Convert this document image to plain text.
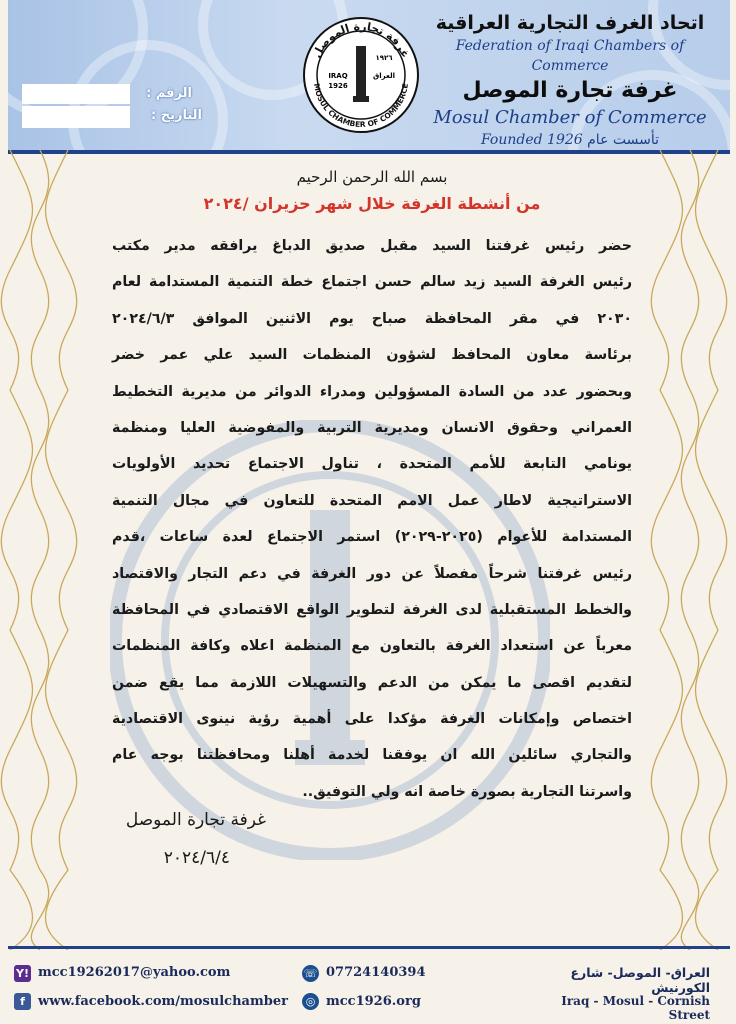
الرقم :
التاريخ :
غرفة تجارة الموصل
MOSUL CHAMBER OF COMMERCE
IRAQ	العراق
1926
١٩٢٦
اتحاد الغرف التجارية العراقية
Federation of Iraqi Chambers of Commerce
غرفة تجارة الموصل
Mosul Chamber of Commerce
Founded 1926 تأسست عام
بسم الله الرحمن الرحيم
من أنشطة الغرفة خلال شهر حزيران /٢٠٢٤
حضر رئيس غرفتنا السيد مقبل صديق الدباغ يرافقه مدير مكتب
رئيس الغرفة السيد زيد سالم حسن اجتماع خطة التنمية المستدامة لعام
٢٠٣٠ في مقر المحافظة صباح يوم الاثنين الموافق ٢٠٢٤/٦/٣
برئاسة معاون المحافظ لشؤون المنظمات السيد علي عمر خضر
وبحضور عدد من السادة المسؤولين ومدراء الدوائر من مديرية التخطيط
العمراني وحقوق الانسان ومديرية التربية والمفوضية العليا ومنظمة
يونامي التابعة للأمم المتحدة ، تناول الاجتماع تحديد الأولويات
الاستراتيجية لاطار عمل الامم المتحدة للتعاون في مجال التنمية
المستدامة للأعوام (٢٠٢٥-٢٠٢٩) استمر الاجتماع لعدة ساعات ،قدم
رئيس غرفتنا شرحاً مفصلاً عن دور الغرفة في دعم التجار والاقتصاد
والخطط المستقبلية لدى الغرفة لتطوير الواقع الاقتصادي في المحافظة
معرباً عن استعداد الغرفة بالتعاون مع المنظمة اعلاه وكافة المنظمات
لتقديم اقصى ما يمكن من الدعم والتسهيلات اللازمة مما يقع ضمن
اختصاص وإمكانات الغرفة مؤكدا على أهمية رؤية نينوى الاقتصادية
والتجاري سائلين الله ان يوفقنا لخدمة أهلنا ومحافظتنا بوجه عام
واسرتنا التجارية بصورة خاصة انه ولي التوفيق..
غرفة تجارة الموصل
٢٠٢٤/٦/٤
Y! mcc19262017@yahoo.com
f	www.facebook.com/mosulchamber
☏ 07724140394
◎ mcc1926.org
العراق- الموصل- شارع الكورنيش
Iraq - Mosul - Cornish Street
